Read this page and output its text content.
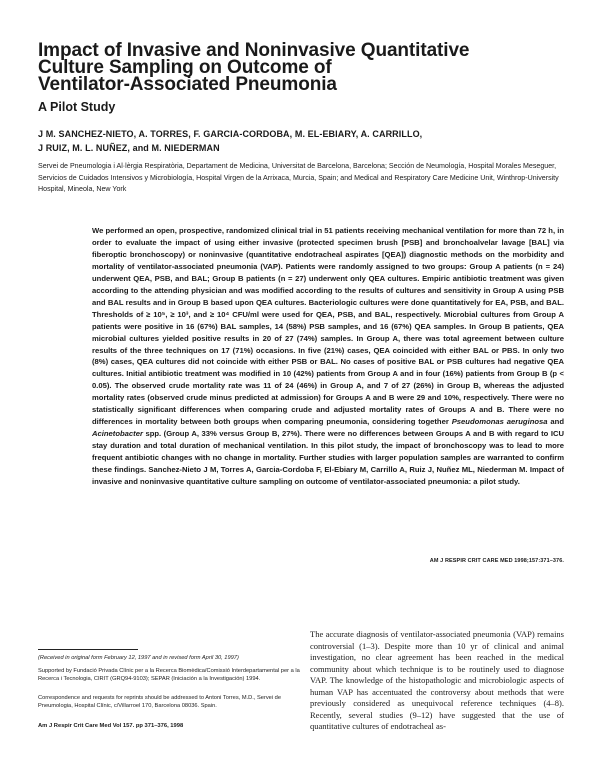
Impact of Invasive and Noninvasive Quantitative
Culture Sampling on Outcome of
Ventilator-Associated Pneumonia
A Pilot Study
J M. SANCHEZ-NIETO, A. TORRES, F. GARCIA-CORDOBA, M. EL-EBIARY, A. CARRILLO,
J RUIZ, M. L. NUÑEZ, and M. NIEDERMAN
Servei de Pneumologia i Al·lèrgia Respiratòria, Departament de Medicina, Universitat de Barcelona, Barcelona; Sección de Neumología, Hospital Morales Meseguer, Servicios de Cuidados Intensivos y Microbiología, Hospital Virgen de la Arrixaca, Murcia, Spain; and Medical and Respiratory Care Medicine Unit, Winthrop-University Hospital, Mineola, New York
We performed an open, prospective, randomized clinical trial in 51 patients receiving mechanical ventilation for more than 72 h, in order to evaluate the impact of using either invasive (protected specimen brush [PSB] and bronchoalvelar lavage [BAL] via fiberoptic bronchoscopy) or noninvasive (quantitative endotracheal aspirates [QEA]) diagnostic methods on the morbidity and mortality of ventilator-associated pneumonia (VAP). Patients were randomly assigned to two groups: Group A patients (n = 24) underwent QEA, PSB, and BAL; Group B patients (n = 27) underwent only QEA cultures. Empiric antibiotic treatment was given according to the attending physician and was modified according to the results of cultures and sensitivity in Group A using PSB and BAL results and in Group B based upon QEA cultures. Bacteriologic cultures were done quantitatively for EA, PSB, and BAL. Thresholds of ≥ 10⁵, ≥ 10³, and ≥ 10⁴ CFU/ml were used for QEA, PSB, and BAL, respectively. Microbial cultures from Group A patients were positive in 16 (67%) BAL samples, 14 (58%) PSB samples, and 16 (67%) QEA samples. In Group B patients, QEA microbial cultures yielded positive results in 20 of 27 (74%) samples. In Group A, there was total agreement between culture results of the three techniques on 17 (71%) occasions. In five (21%) cases, QEA coincided with either BAL or PBS. In only two (8%) cases, QEA cultures did not coincide with either PSB or BAL. No cases of positive BAL or PSB cultures had negative QEA cultures. Initial antibiotic treatment was modified in 10 (42%) patients from Group A and in four (16%) patients from Group B (p < 0.05). The observed crude mortality rate was 11 of 24 (46%) in Group A, and 7 of 27 (26%) in Group B, whereas the adjusted mortality rates (observed crude minus predicted at admission) for Groups A and B were 29 and 10%, respectively. There were no statistically significant differences when comparing crude and adjusted mortality rates of Groups A and B. There were no differences in mortality between both groups when comparing pneumonia, considering together Pseudomonas aeruginosa and Acinetobacter spp. (Group A, 33% versus Group B, 27%). There were no differences between Groups A and B with regard to ICU stay duration and total duration of mechanical ventilation. In this pilot study, the impact of bronchoscopy was to lead to more frequent antibiotic changes with no change in mortality. Further studies with larger population samples are warranted to confirm these findings. Sanchez-Nieto J M, Torres A, Garcia-Cordoba F, El-Ebiary M, Carrillo A, Ruiz J, Nuñez ML, Niederman M. Impact of invasive and noninvasive quantitative culture sampling on outcome of ventilator-associated pneumonia: a pilot study.
AM J RESPIR CRIT CARE MED 1998;157:371–376.
(Received in original form February 12, 1997 and in revised form April 30, 1997)
Supported by Fundació Privada Clínic per a la Recerca Biomèdica/Comissió Interdepartamental per a la Recerca i Tecnologia, CIRIT (GRQ94-9103); SEPAR (Iniciación a la Investigación) 1994.
Correspondence and requests for reprints should be addressed to Antoni Torres, M.D., Servei de Pneumologia, Hospital Clínic, c/Villarroel 170, Barcelona 08036. Spain.
Am J Respir Crit Care Med Vol 157. pp 371–376, 1998
The accurate diagnosis of ventilator-associated pneumonia (VAP) remains controversial (1–3). Despite more than 10 yr of clinical and animal investigation, no clear agreement has been reached in the medical community about which technique is to be routinely used to diagnose VAP. The knowledge of the histopathologic and microbiologic aspects of human VAP has accentuated the controversy about methods that were previously considered as unequivocal reference techniques (4–8). Recently, several studies (9–12) have suggested that the use of quantitative cultures of endotracheal as-
